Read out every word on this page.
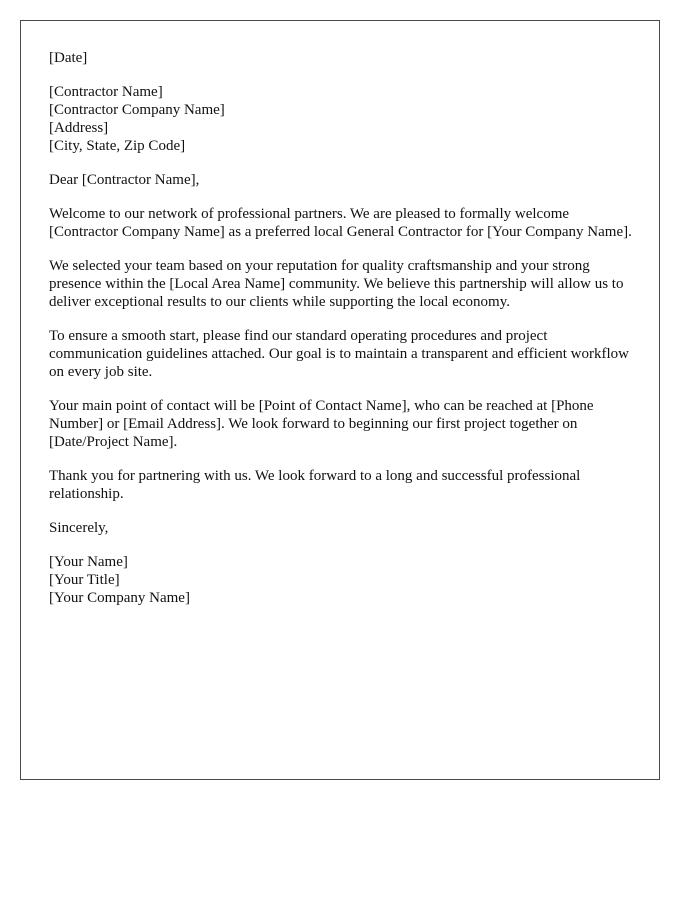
[Date]
[Contractor Name]
[Contractor Company Name]
[Address]
[City, State, Zip Code]
Dear [Contractor Name],

Welcome to our network of professional partners. We are pleased to formally welcome [Contractor Company Name] as a preferred local General Contractor for [Your Company Name].

We selected your team based on your reputation for quality craftsmanship and your strong presence within the [Local Area Name] community. We believe this partnership will allow us to deliver exceptional results to our clients while supporting the local economy.

To ensure a smooth start, please find our standard operating procedures and project communication guidelines attached. Our goal is to maintain a transparent and efficient workflow on every job site.

Your main point of contact will be [Point of Contact Name], who can be reached at [Phone Number] or [Email Address]. We look forward to beginning our first project together on [Date/Project Name].

Thank you for partnering with us. We look forward to a long and successful professional relationship.

Sincerely,
[Your Name]
[Your Title]
[Your Company Name]
